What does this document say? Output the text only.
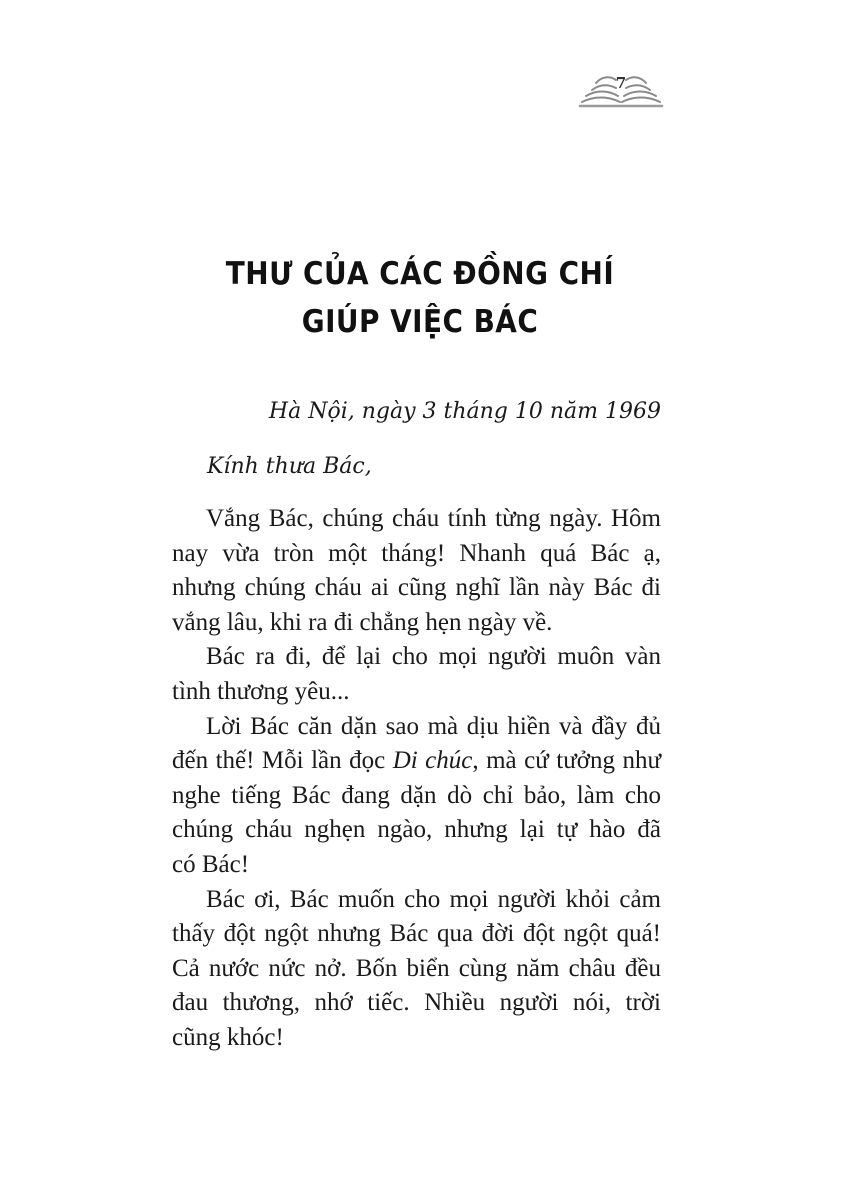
7
THƯ CỦA CÁC ĐỒNG CHÍ
GIÚP VIỆC BÁC
Hà Nội, ngày 3 tháng 10 năm 1969
Kính thưa Bác,
Vắng Bác, chúng cháu tính từng ngày. Hôm
nay vừa tròn một tháng! Nhanh quá Bác ạ,
nhưng chúng cháu ai cũng nghĩ lần này Bác đi
vắng lâu, khi ra đi chẳng hẹn ngày về.
Bác ra đi, để lại cho mọi người muôn vàn
tình thương yêu...
Lời Bác căn dặn sao mà dịu hiền và đầy đủ
đến thế! Mỗi lần đọc Di chúc, mà cứ tưởng như
nghe tiếng Bác đang dặn dò chỉ bảo, làm cho
chúng cháu nghẹn ngào, nhưng lại tự hào đã
có Bác!
Bác ơi, Bác muốn cho mọi người khỏi cảm
thấy đột ngột nhưng Bác qua đời đột ngột quá!
Cả nước nức nở. Bốn biển cùng năm châu đều
đau thương, nhớ tiếc. Nhiều người nói, trời
cũng khóc!
